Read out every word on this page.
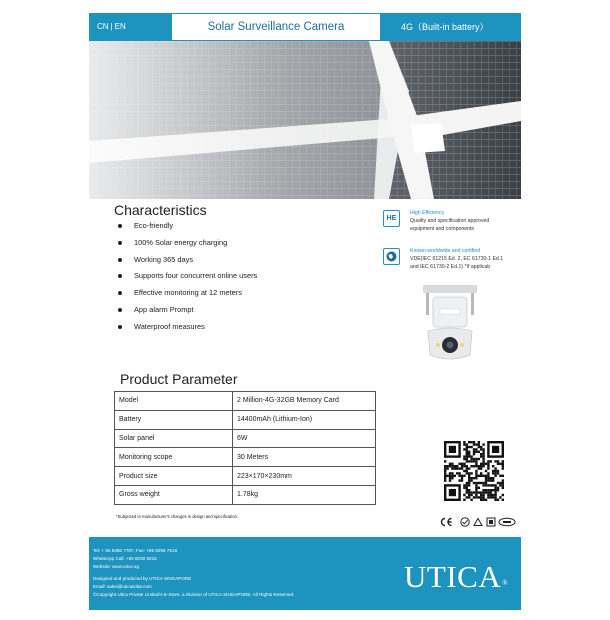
CN | EN	Solar Surveillance Camera	4G（Built-in battery）
Characteristics
Eco-friendly
100% Solar energy charging
Working 365 days
Supports four concurrent online users
Effective monitoring at 12 meters
App alarm Prompt
Waterproof measures
HE
High Efficiency
Quality and specification approved equipment and components
Known worldwide and certified
VDE(IEC 61215 Ed. 2, EC 61730-1 Ed.1 and IEC 61730-2 Ed.1) *If applicab
Product Parameter
Model	2 Million-4G-32GB Memory Card
Battery	14400mAh (Lithium-Ion)
Solar panel	6W
Monitoring scope	30 Meters
Product size	223×170×230mm
Gross weight	1.78kg
*Subjected to manufacturer's changes in design and specification.
Tel: + 65 6296 7767, Fax: +65 6296 7618
WhatsApp Call: +65 8030 5015
Website: www.utica.sg
Designed and produced by UTICA SINGAPORE
Email: sales@uticasolar.com
©Copyright Utica Private Limited's E-Store, a Division of UTICA SINGAPORE. All Rights Reserved.
UTICA®
